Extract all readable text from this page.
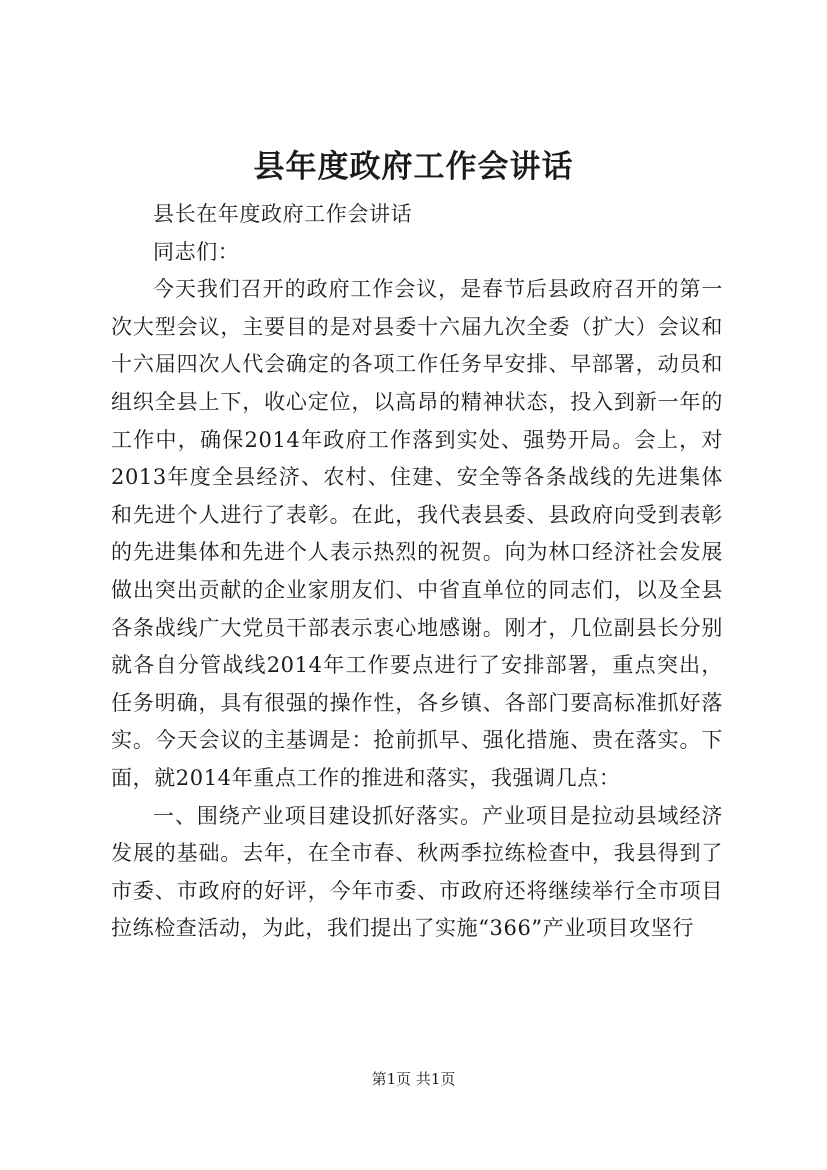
县年度政府工作会讲话

县长在年度政府工作会讲话

同志们：

今天我们召开的政府工作会议，是春节后县政府召开的第一次大型会议，主要目的是对县委十六届九次全委（扩大）会议和十六届四次人代会确定的各项工作任务早安排、早部署，动员和组织全县上下，收心定位，以高昂的精神状态，投入到新一年的工作中，确保2014年政府工作落到实处、强势开局。会上，对2013年度全县经济、农村、住建、安全等各条战线的先进集体和先进个人进行了表彰。在此，我代表县委、县政府向受到表彰的先进集体和先进个人表示热烈的祝贺。向为林口经济社会发展做出突出贡献的企业家朋友们、中省直单位的同志们，以及全县各条战线广大党员干部表示衷心地感谢。刚才，几位副县长分别就各自分管战线2014年工作要点进行了安排部署，重点突出，任务明确，具有很强的操作性，各乡镇、各部门要高标准抓好落实。今天会议的主基调是：抢前抓早、强化措施、贵在落实。下面，就2014年重点工作的推进和落实，我强调几点：

一、围绕产业项目建设抓好落实。产业项目是拉动县域经济发展的基础。去年，在全市春、秋两季拉练检查中，我县得到了市委、市政府的好评，今年市委、市政府还将继续举行全市项目拉练检查活动，为此，我们提出了实施“366”产业项目攻坚行

第1页 共1页
